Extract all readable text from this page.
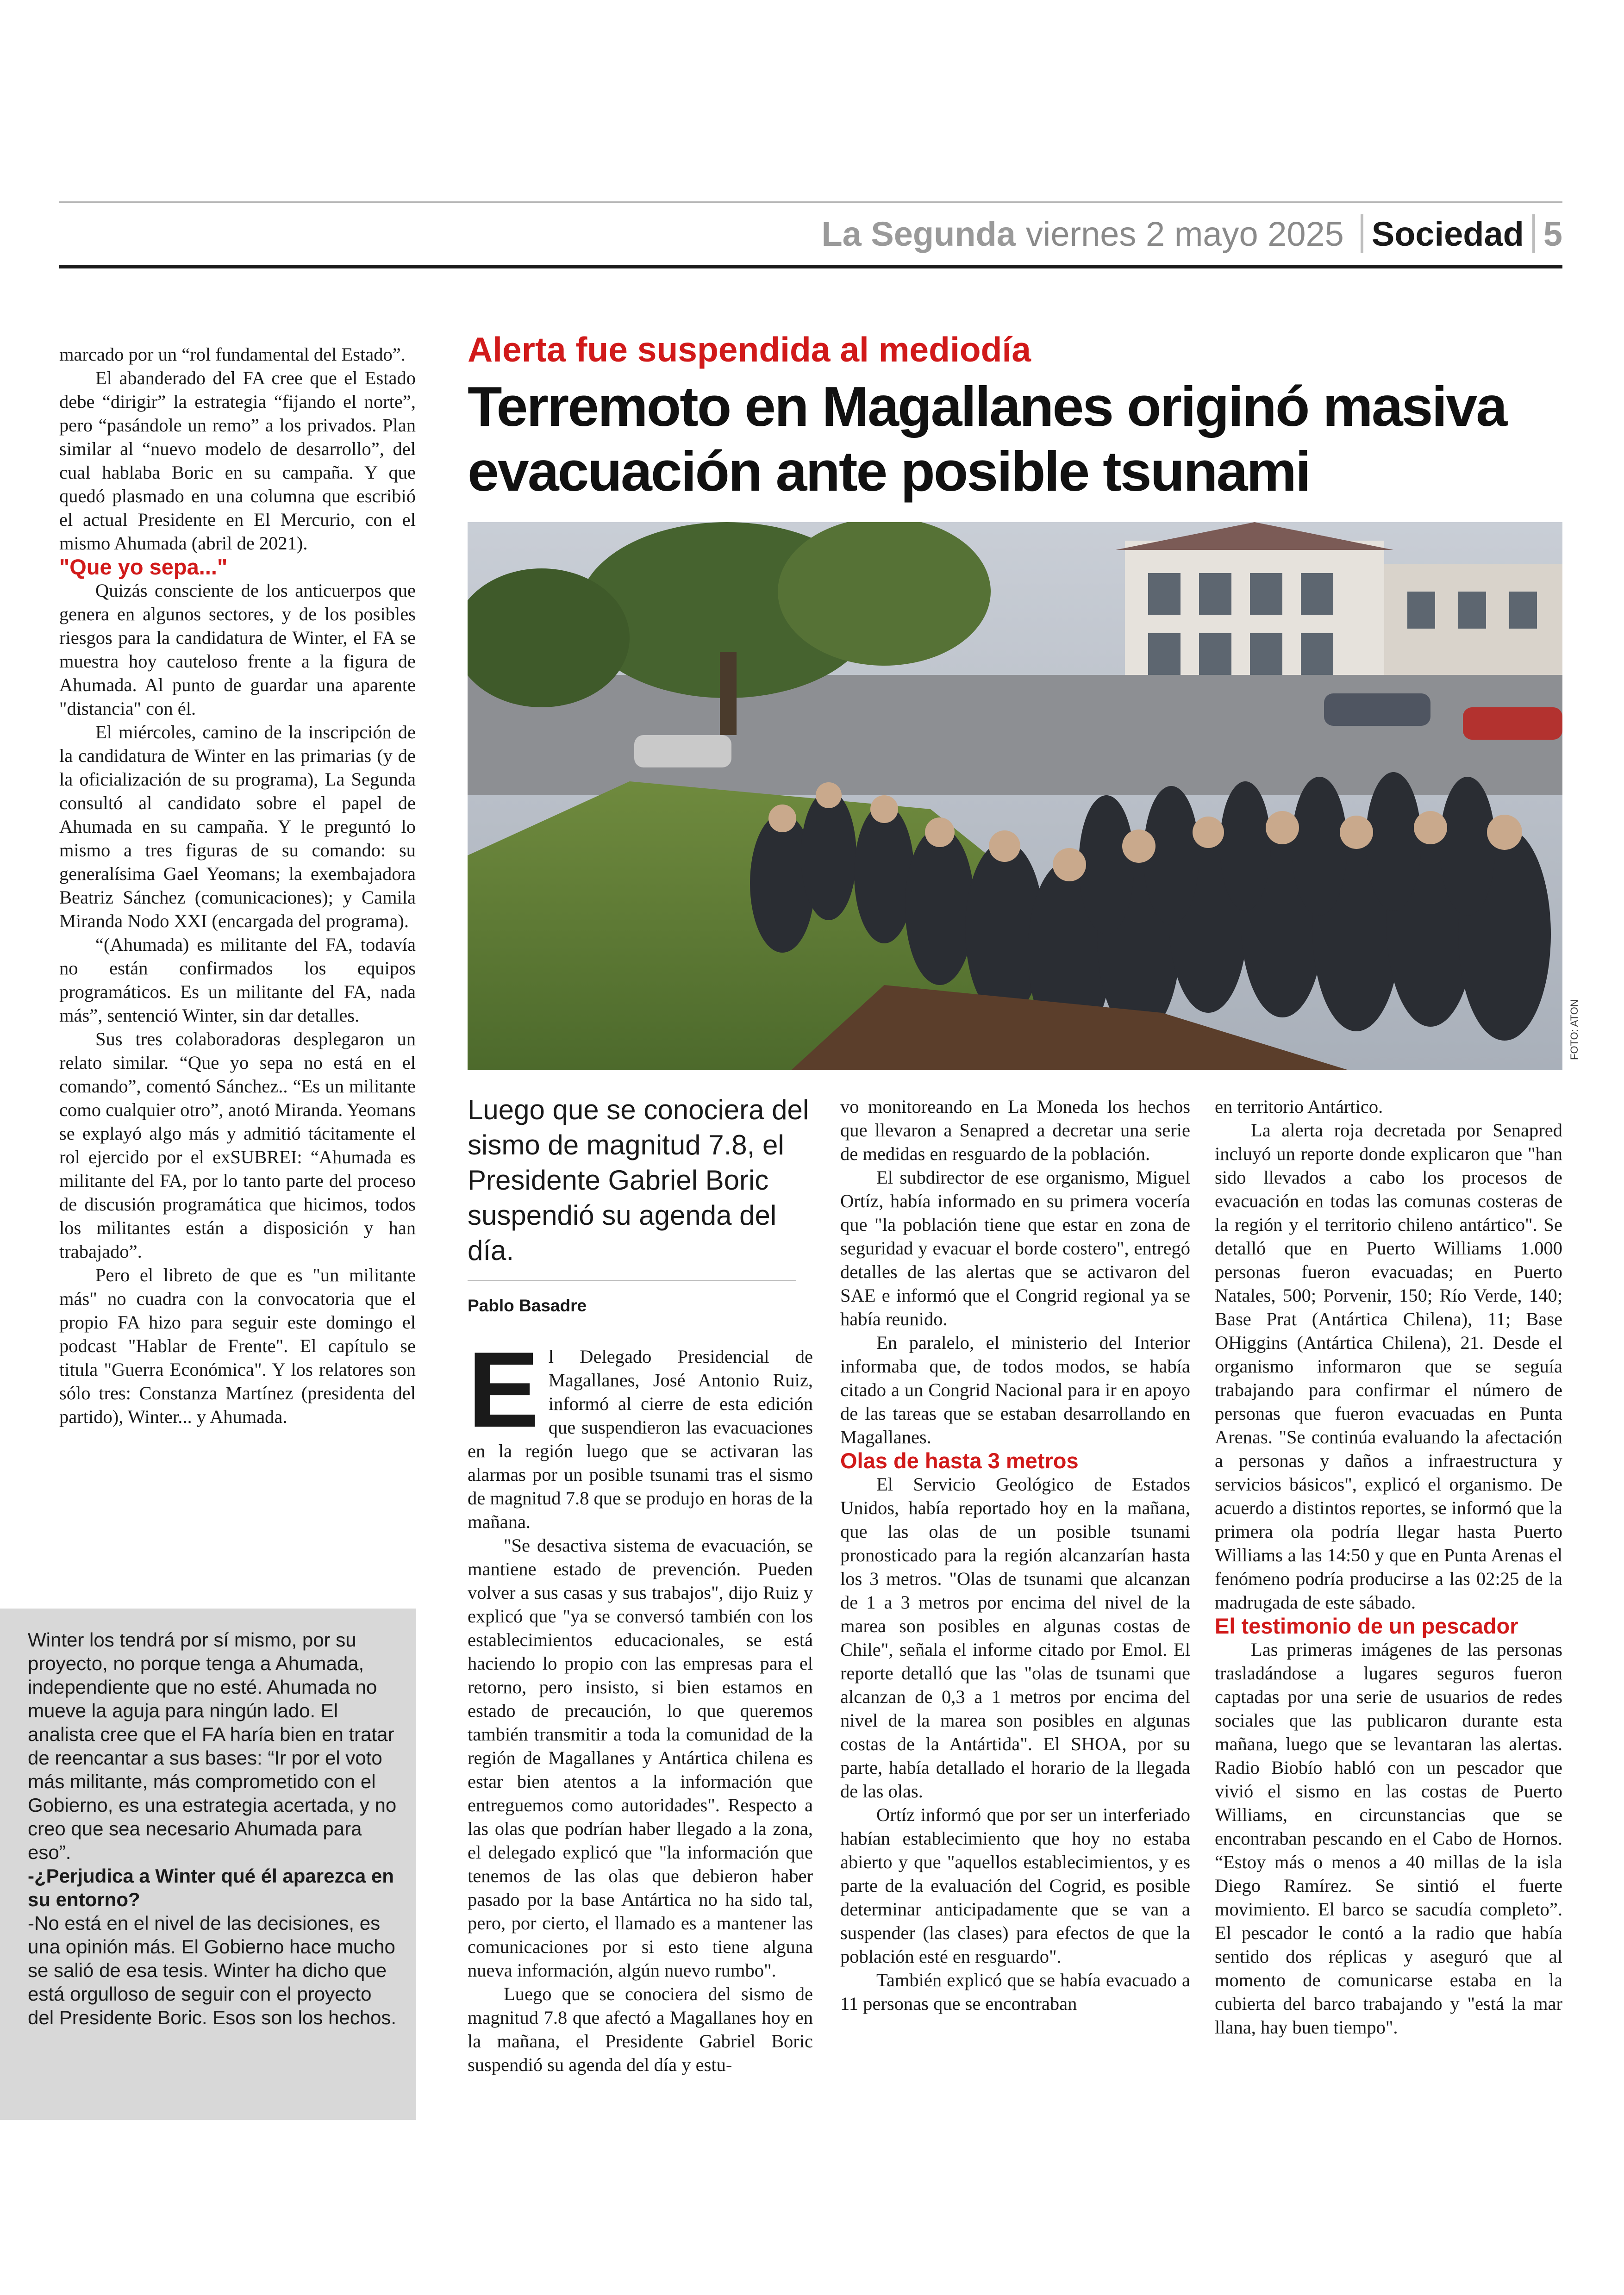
La Segunda viernes 2 mayo 2025 Sociedad 5

marcado por un “rol fundamental del Estado”.

El abanderado del FA cree que el Estado debe “dirigir” la estrategia “fijando el norte”, pero “pasándole un remo” a los privados. Plan similar al “nuevo modelo de desarrollo”, del cual hablaba Boric en su campaña. Y que quedó plasmado en una columna que escribió el actual Presidente en El Mercurio, con el mismo Ahumada (abril de 2021).

"Que yo sepa..."

Quizás consciente de los anticuerpos que genera en algunos sectores, y de los posibles riesgos para la candidatura de Winter, el FA se muestra hoy cauteloso frente a la figura de Ahumada. Al punto de guardar una aparente "distancia" con él.

El miércoles, camino de la inscripción de la candidatura de Winter en las primarias (y de la oficialización de su programa), La Segunda consultó al candidato sobre el papel de Ahumada en su campaña. Y le preguntó lo mismo a tres figuras de su comando: su generalísima Gael Yeomans; la exembajadora Beatriz Sánchez (comunicaciones); y Camila Miranda Nodo XXI (encargada del programa).

“(Ahumada) es militante del FA, todavía no están confirmados los equipos programáticos. Es un militante del FA, nada más”, sentenció Winter, sin dar detalles.

Sus tres colaboradoras desplegaron un relato similar. “Que yo sepa no está en el comando”, comentó Sánchez.. “Es un militante como cualquier otro”, anotó Miranda. Yeomans se explayó algo más y admitió tácitamente el rol ejercido por el exSUBREI: “Ahumada es militante del FA, por lo tanto parte del proceso de discusión programática que hicimos, todos los militantes están a disposición y han trabajado”.

Pero el libreto de que es "un militante más" no cuadra con la convocatoria que el propio FA hizo para seguir este domingo el podcast "Hablar de Frente". El capítulo se titula "Guerra Económica". Y los relatores son sólo tres: Constanza Martínez (presidenta del partido), Winter... y Ahumada.

Winter los tendrá por sí mismo, por su proyecto, no porque tenga a Ahumada, independiente que no esté. Ahumada no mueve la aguja para ningún lado. El analista cree que el FA haría bien en tratar de reencantar a sus bases: “Ir por el voto más militante, más comprometido con el Gobierno, es una estrategia acertada, y no creo que sea necesario Ahumada para eso”.

-¿Perjudica a Winter qué él aparezca en su entorno?

-No está en el nivel de las decisiones, es una opinión más. El Gobierno hace mucho se salió de esa tesis. Winter ha dicho que está orgulloso de seguir con el proyecto del Presidente Boric. Esos son los hechos.

Alerta fue suspendida al mediodía
Terremoto en Magallanes originó masiva evacuación ante posible tsunami
FOTO: ATON
Luego que se conociera del sismo de magnitud 7.8, el Presidente Gabriel Boric suspendió su agenda del día.
Pablo Basadre
E l Delegado Presidencial de Magallanes, José Antonio Ruiz, informó al cierre de esta edición que suspendieron las evacuaciones en la región luego que se activaran las alarmas por un posible tsunami tras el sismo de magnitud 7.8 que se produjo en horas de la mañana.

"Se desactiva sistema de evacuación, se mantiene estado de prevención. Pueden volver a sus casas y sus trabajos", dijo Ruiz y explicó que "ya se conversó también con los establecimientos educacionales, se está haciendo lo propio con las empresas para el retorno, pero insisto, si bien estamos en estado de precaución, lo que queremos también transmitir a toda la comunidad de la región de Magallanes y Antártica chilena es estar bien atentos a la información que entreguemos como autoridades". Respecto a las olas que podrían haber llegado a la zona, el delegado explicó que "la información que tenemos de las olas que debieron haber pasado por la base Antártica no ha sido tal, pero, por cierto, el llamado es a mantener las comunicaciones por si esto tiene alguna nueva información, algún nuevo rumbo".

Luego que se conociera del sismo de magnitud 7.8 que afectó a Magallanes hoy en la mañana, el Presidente Gabriel Boric suspendió su agenda del día y estu-

vo monitoreando en La Moneda los hechos que llevaron a Senapred a decretar una serie de medidas en resguardo de la población.

El subdirector de ese organismo, Miguel Ortíz, había informado en su primera vocería que "la población tiene que estar en zona de seguridad y evacuar el borde costero", entregó detalles de las alertas que se activaron del SAE e informó que el Congrid regional ya se había reunido.

En paralelo, el ministerio del Interior informaba que, de todos modos, se había citado a un Congrid Nacional para ir en apoyo de las tareas que se estaban desarrollando en Magallanes.

Olas de hasta 3 metros

El Servicio Geológico de Estados Unidos, había reportado hoy en la mañana, que las olas de un posible tsunami pronosticado para la región alcanzarían hasta los 3 metros. "Olas de tsunami que alcanzan de 1 a 3 metros por encima del nivel de la marea son posibles en algunas costas de Chile", señala el informe citado por Emol. El reporte detalló que las "olas de tsunami que alcanzan de 0,3 a 1 metros por encima del nivel de la marea son posibles en algunas costas de la Antártida". El SHOA, por su parte, había detallado el horario de la llegada de las olas.

Ortíz informó que por ser un interferiado habían establecimiento que hoy no estaba abierto y que "aquellos establecimientos, y es parte de la evaluación del Cogrid, es posible determinar anticipadamente que se van a suspender (las clases) para efectos de que la población esté en resguardo".

También explicó que se había evacuado a 11 personas que se encontraban

en territorio Antártico.

La alerta roja decretada por Senapred incluyó un reporte donde explicaron que "han sido llevados a cabo los procesos de evacuación en todas las comunas costeras de la región y el territorio chileno antártico". Se detalló que en Puerto Williams 1.000 personas fueron evacuadas; en Puerto Natales, 500; Porvenir, 150; Río Verde, 140; Base Prat (Antártica Chilena), 11; Base OHiggins (Antártica Chilena), 21. Desde el organismo informaron que se seguía trabajando para confirmar el número de personas que fueron evacuadas en Punta Arenas. "Se continúa evaluando la afectación a personas y daños a infraestructura y servicios básicos", explicó el organismo. De acuerdo a distintos reportes, se informó que la primera ola podría llegar hasta Puerto Williams a las 14:50 y que en Punta Arenas el fenómeno podría producirse a las 02:25 de la madrugada de este sábado.

El testimonio de un pescador

Las primeras imágenes de las personas trasladándose a lugares seguros fueron captadas por una serie de usuarios de redes sociales que las publicaron durante esta mañana, luego que se levantaran las alertas. Radio Biobío habló con un pescador que vivió el sismo en las costas de Puerto Williams, en circunstancias que se encontraban pescando en el Cabo de Hornos. “Estoy más o menos a 40 millas de la isla Diego Ramírez. Se sintió el fuerte movimiento. El barco se sacudía completo”. El pescador le contó a la radio que había sentido dos réplicas y aseguró que al momento de comunicarse estaba en la cubierta del barco trabajando y "está la mar llana, hay buen tiempo".
